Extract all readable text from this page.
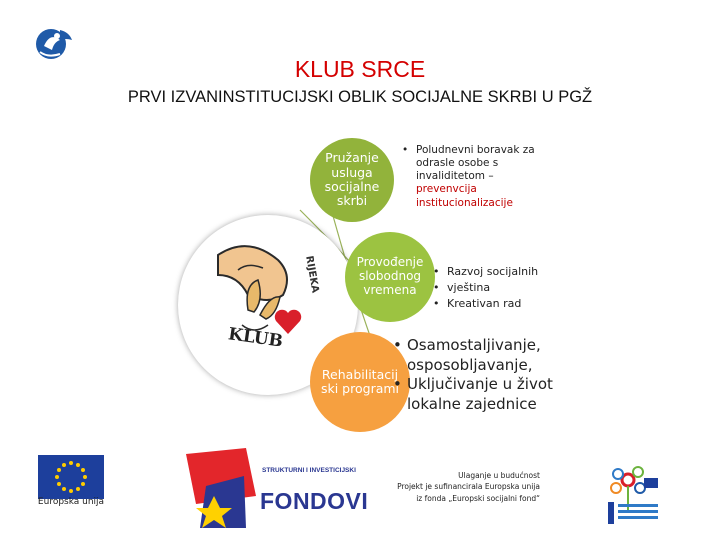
KLUB SRCE
PRVI IZVANINSTITUCIJSKI OBLIK SOCIJALNE SKRBI U PGŽ
RIJEKA
KLUB
Pružanje usluga socijalne skrbi
• Poludnevni boravak za odrasle osobe s invaliditetom –
prevenvcija institucionalizacije
Provođenje slobodnog vremena
• Razvoj socijalnih
• vještina
• Kreativan rad
Rehabilitacijski programi
• Osamostaljivanje, osposobljavanje,
• Uključivanje u život lokalne zajednice
Europska unija
STRUKTURNI I INVESTICIJSKI
FONDOVI
Ulaganje u budućnost
Projekt je sufinancirala Europska unija
iz fonda „Europski socijalni fond“
